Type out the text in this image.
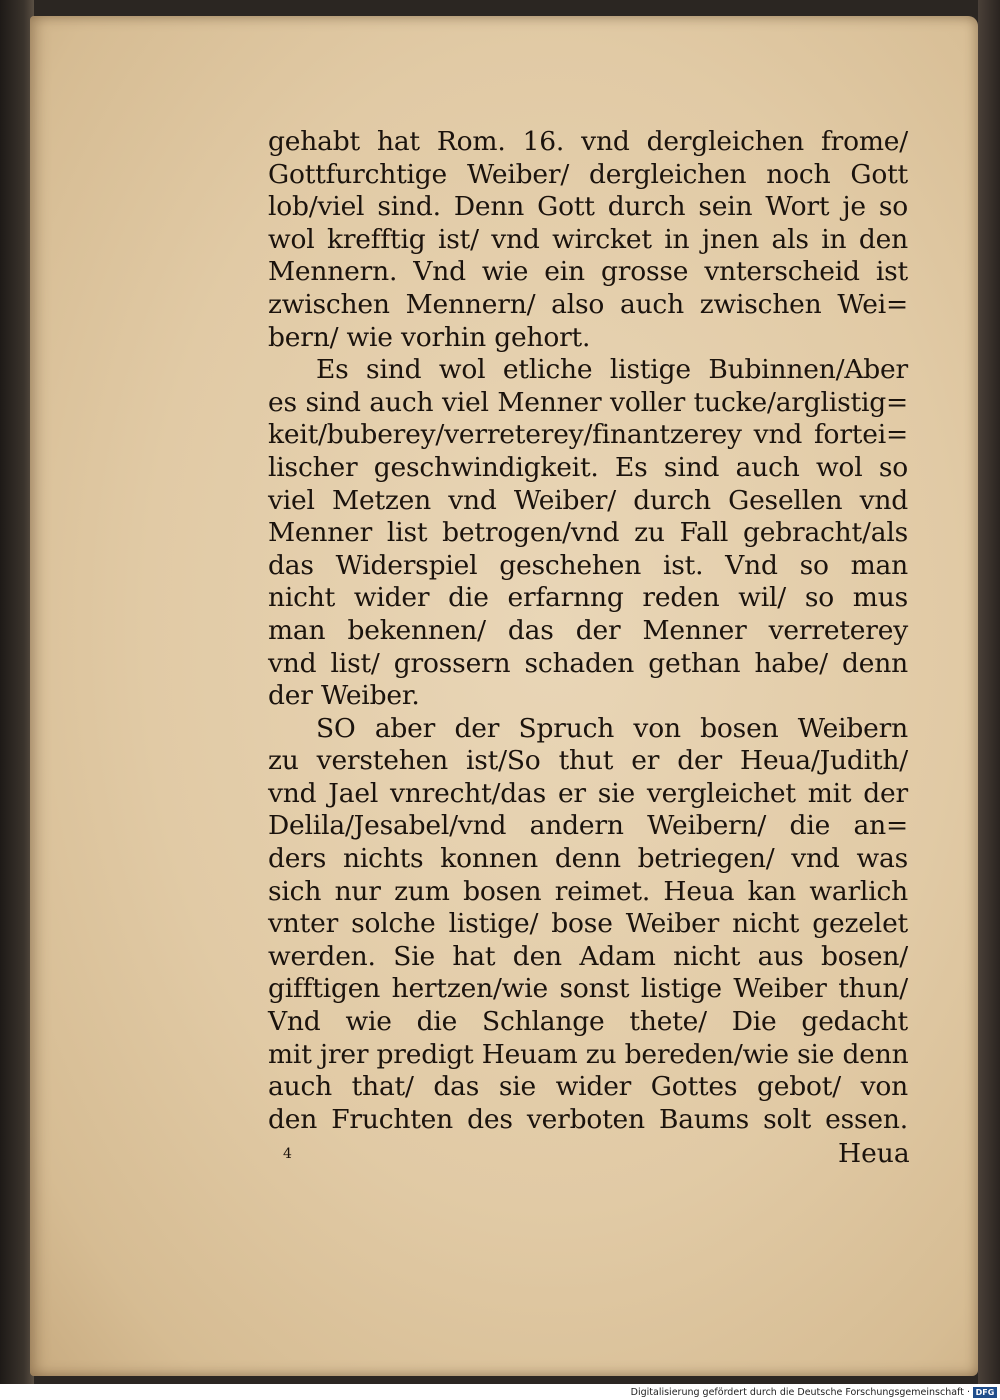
gehabt hat Rom. 16. vnd dergleichen frome/
Gottfurchtige Weiber/ dergleichen noch Gott
lob/viel sind. Denn Gott durch sein Wort je so
wol krefftig ist/ vnd wircket in jnen als in den
Mennern. Vnd wie ein grosse vnterscheid ist
zwischen Mennern/ also auch zwischen Wei=
bern/ wie vorhin gehort.
Es sind wol etliche listige Bubinnen/Aber
es sind auch viel Menner voller tucke/arglistig=
keit/buberey/verreterey/finantzerey vnd fortei=
lischer geschwindigkeit. Es sind auch wol so
viel Metzen vnd Weiber/ durch Gesellen vnd
Menner list betrogen/vnd zu Fall gebracht/als
das Widerspiel geschehen ist. Vnd so man
nicht wider die erfarnng reden wil/ so mus
man bekennen/ das der Menner verreterey
vnd list/ grossern schaden gethan habe/ denn
der Weiber.
SO aber der Spruch von bosen Weibern
zu verstehen ist/So thut er der Heua/Judith/
vnd Jael vnrecht/das er sie vergleichet mit der
Delila/Jesabel/vnd andern Weibern/ die an=
ders nichts konnen denn betriegen/ vnd was
sich nur zum bosen reimet. Heua kan warlich
vnter solche listige/ bose Weiber nicht gezelet
werden. Sie hat den Adam nicht aus bosen/
gifftigen hertzen/wie sonst listige Weiber thun/
Vnd wie die Schlange thete/ Die gedacht
mit jrer predigt Heuam zu bereden/wie sie denn
auch that/ das sie wider Gottes gebot/ von
den Fruchten des verboten Baums solt essen.
4	Heua
Digitalisierung gefördert durch die Deutsche Forschungsgemeinschaft · DFG
